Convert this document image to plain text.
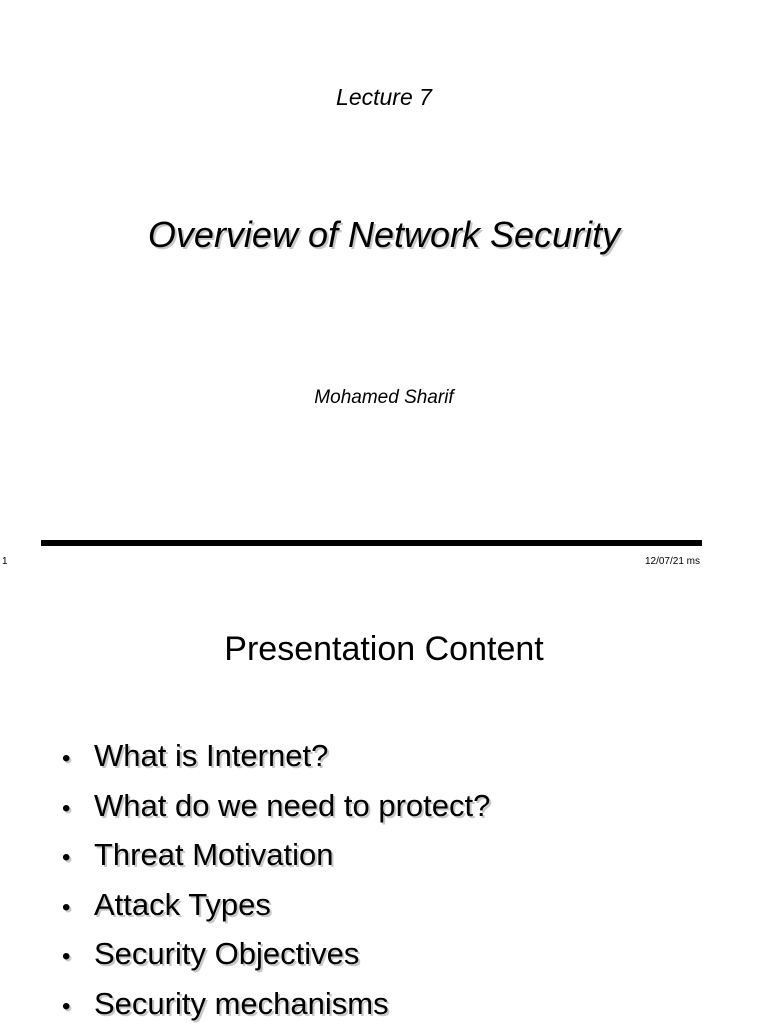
Lecture 7
Overview of Network Security
Mohamed Sharif
1	12/07/21 ms
Presentation Content
• What is Internet?
• What do we need to protect?
• Threat Motivation
• Attack Types
• Security Objectives
• Security mechanisms
